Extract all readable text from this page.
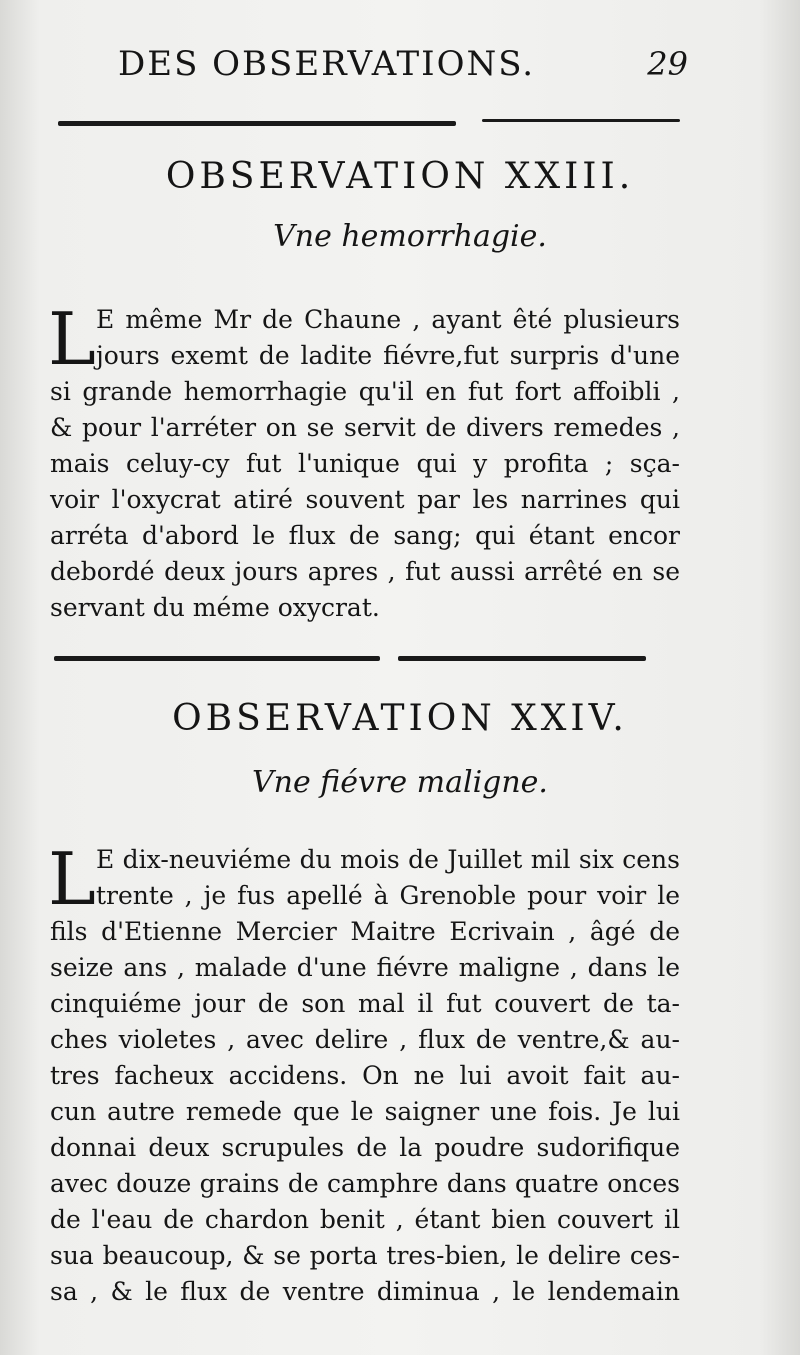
DES OBSERVATIONS.	29
OBSERVATION XXIII.
Vne hemorrhagie.
L E même Mr de Chaune , ayant êté plusieurs
jours exemt de ladite fiévre,fut surpris d'une
si grande hemorrhagie qu'il en fut fort affoibli ,
& pour l'arréter on se servit de divers remedes ,
mais celuy-cy fut l'unique qui y profita ; sça-
voir l'oxycrat atiré souvent par les narrines qui
arréta d'abord le flux de sang; qui étant encor
debordé deux jours apres , fut aussi arrêté en se
servant du méme oxycrat.
OBSERVATION XXIV.
Vne fiévre maligne.
L E dix-neuviéme du mois de Juillet mil six cens
trente , je fus apellé à Grenoble pour voir le
fils d'Etienne Mercier Maitre Ecrivain , âgé de
seize ans , malade d'une fiévre maligne , dans le
cinquiéme jour de son mal il fut couvert de ta-
ches violetes , avec delire , flux de ventre,& au-
tres facheux accidens. On ne lui avoit fait au-
cun autre remede que le saigner une fois. Je lui
donnai deux scrupules de la poudre sudorifique
avec douze grains de camphre dans quatre onces
de l'eau de chardon benit , étant bien couvert il
sua beaucoup, & se porta tres-bien, le delire ces-
sa , & le flux de ventre diminua , le lendemain
